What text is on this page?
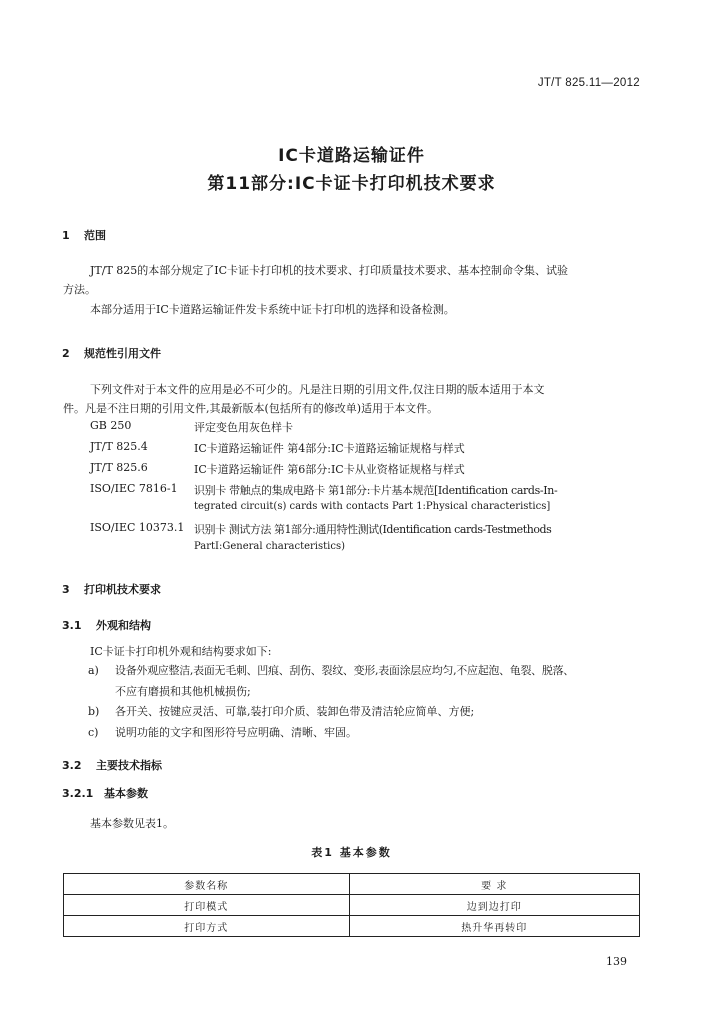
JT/T 825.11—2012
IC卡道路运输证件
第11部分:IC卡证卡打印机技术要求
1 范围
JT/T 825的本部分规定了IC卡证卡打印机的技术要求、打印质量技术要求、基本控制命令集、试验
方法。
本部分适用于IC卡道路运输证件发卡系统中证卡打印机的选择和设备检测。
2 规范性引用文件
下列文件对于本文件的应用是必不可少的。凡是注日期的引用文件,仅注日期的版本适用于本文
件。凡是不注日期的引用文件,其最新版本(包括所有的修改单)适用于本文件。
GB 250	评定变色用灰色样卡
JT/T 825.4	IC卡道路运输证件 第4部分:IC卡道路运输证规格与样式
JT/T 825.6	IC卡道路运输证件 第6部分:IC卡从业资格证规格与样式
ISO/IEC 7816-1 识别卡 带触点的集成电路卡 第1部分:卡片基本规范[Identification cards-In-
tegrated circuit(s) cards with contacts Part 1:Physical characteristics]
ISO/IEC 10373.1 识别卡 测试方法 第1部分:通用特性测试(Identification cards-Testmethods
PartI:General characteristics)
3 打印机技术要求
3.1 外观和结构
IC卡证卡打印机外观和结构要求如下:
a) 设备外观应整洁,表面无毛刺、凹痕、刮伤、裂纹、变形,表面涂层应均匀,不应起泡、龟裂、脱落、
不应有磨损和其他机械损伤;
b) 各开关、按键应灵活、可靠,装打印介质、装卸色带及清洁轮应简单、方便;
c) 说明功能的文字和图形符号应明确、清晰、牢固。
3.2 主要技术指标
3.2.1 基本参数
基本参数见表1。
表1 基本参数
参数名称	要 求
打印模式	边到边打印
打印方式	热升华再转印
139
